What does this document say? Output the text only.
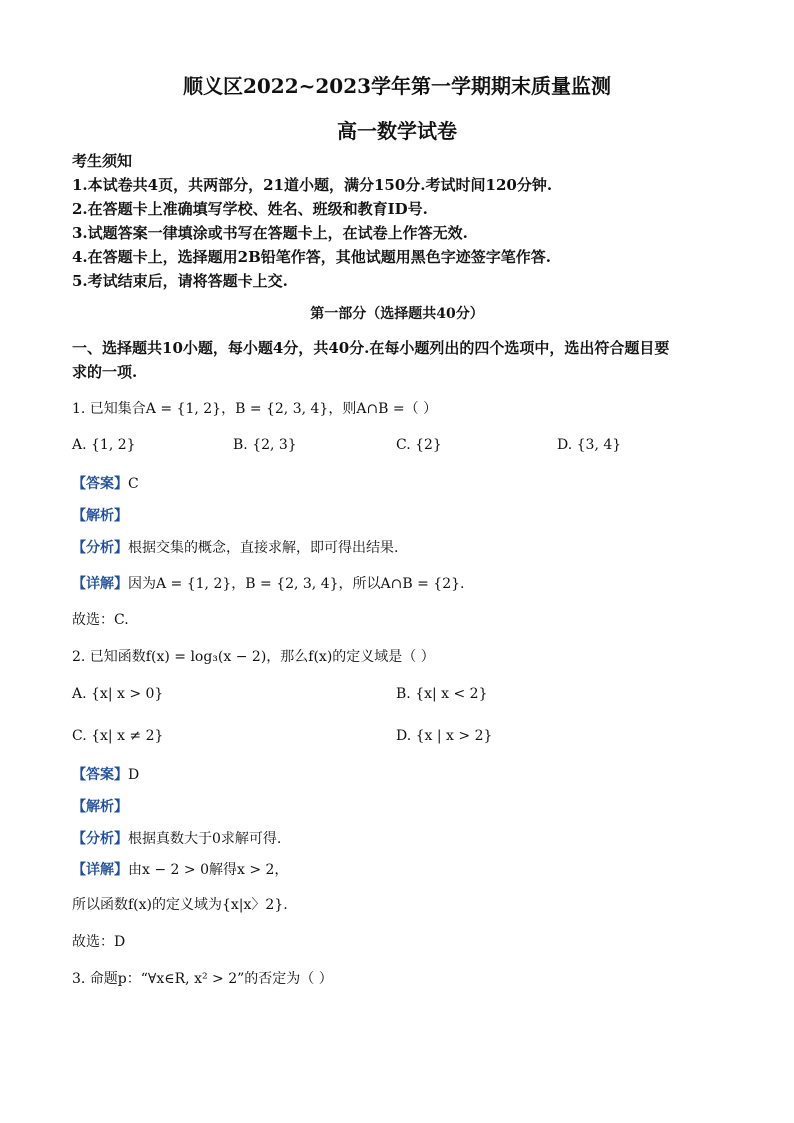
顺义区2022~2023学年第一学期期末质量监测
高一数学试卷
考生须知
1.本试卷共4页，共两部分，21道小题，满分150分.考试时间120分钟.
2.在答题卡上准确填写学校、姓名、班级和教育ID号.
3.试题答案一律填涂或书写在答题卡上，在试卷上作答无效.
4.在答题卡上，选择题用2B铅笔作答，其他试题用黑色字迹签字笔作答.
5.考试结束后，请将答题卡上交.
第一部分（选择题共40分）
一、选择题共10小题，每小题4分，共40分.在每小题列出的四个选项中，选出符合题目要
求的一项.
1. 已知集合A = {1, 2}，B = {2, 3, 4}，则A∩B =（ ）
A. {1, 2}	B. {2, 3}	C. {2}	D. {3, 4}
【答案】C
【解析】
【分析】根据交集的概念，直接求解，即可得出结果.
【详解】因为A = {1, 2}，B = {2, 3, 4}，所以A∩B = {2}.
故选：C.
2. 已知函数f(x) = log₃(x − 2)，那么f(x)的定义域是（ ）
A. {x| x > 0}	B. {x| x < 2}
C. {x| x ≠ 2}	D. {x | x > 2}
【答案】D
【解析】
【分析】根据真数大于0求解可得.
【详解】由x − 2 > 0解得x > 2，
所以函数f(x)的定义域为{x|x〉2}.
故选：D
3. 命题p：“∀x∈R, x² > 2”的否定为（ ）
